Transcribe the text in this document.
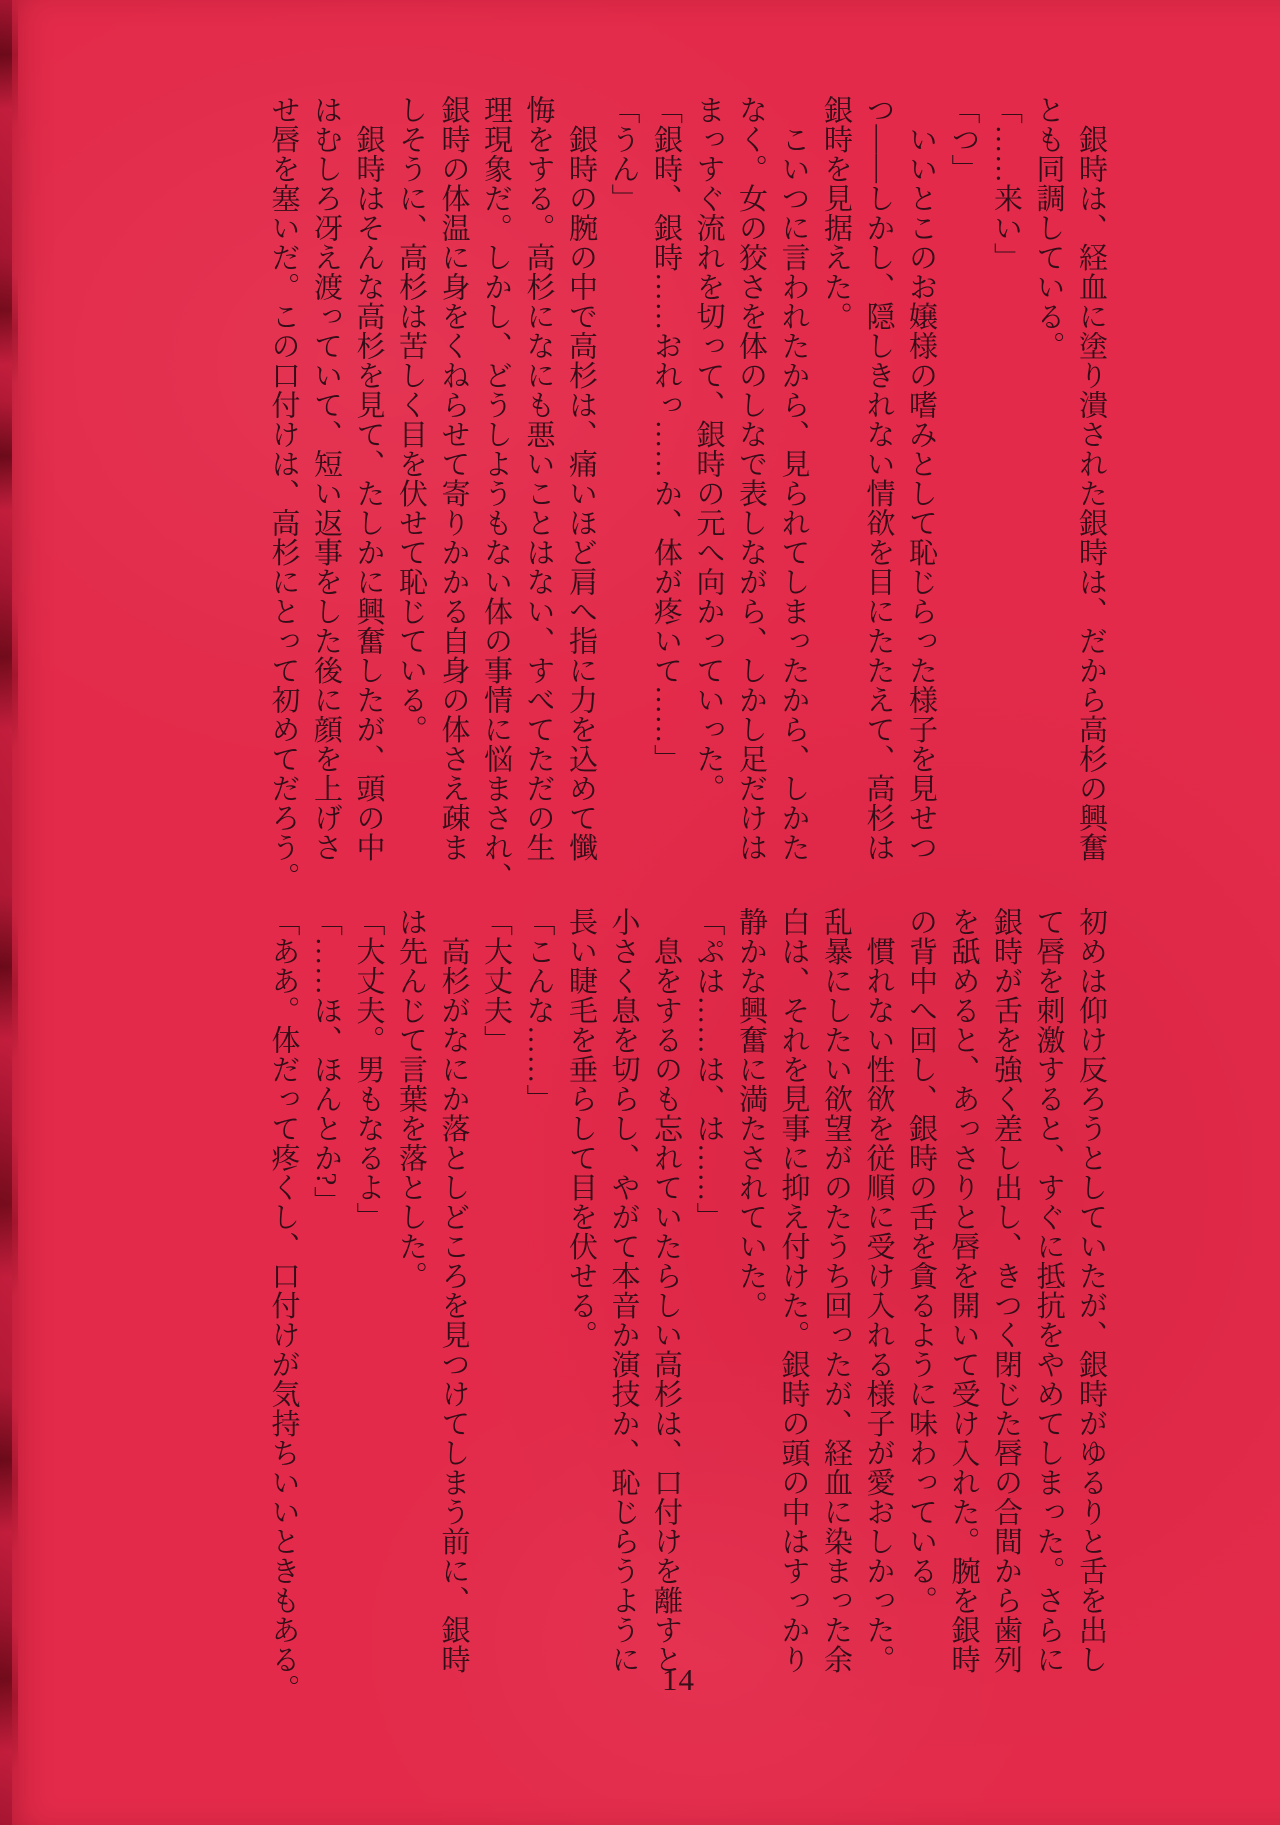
　銀時は、経血に塗り潰された銀時は、だから高杉の興奮

とも同調している。

「……来い」

「つ」

　いいとこのお嬢様の嗜みとして恥じらった様子を見せつ

つ——しかし、隠しきれない情欲を目にたたえて、高杉は

銀時を見据えた。

　こいつに言われたから、見られてしまったから、しかた

なく。女の狡さを体のしなで表しながら、しかし足だけは

まっすぐ流れを切って、銀時の元へ向かっていった。

「銀時、銀時……おれっ……か、体が疼いて……」

「うん」

　銀時の腕の中で高杉は、痛いほど肩へ指に力を込めて懺

悔をする。高杉になにも悪いことはない、すべてただの生

理現象だ。しかし、どうしようもない体の事情に悩まされ、

銀時の体温に身をくねらせて寄りかかる自身の体さえ疎ま

しそうに、高杉は苦しく目を伏せて恥じている。

　銀時はそんな高杉を見て、たしかに興奮したが、頭の中

はむしろ冴え渡っていて、短い返事をした後に顔を上げさ

せ唇を塞いだ。この口付けは、高杉にとって初めてだろう。

初めは仰け反ろうとしていたが、銀時がゆるりと舌を出し

て唇を刺激すると、すぐに抵抗をやめてしまった。さらに

銀時が舌を強く差し出し、きつく閉じた唇の合間から歯列

を舐めると、あっさりと唇を開いて受け入れた。腕を銀時

の背中へ回し、銀時の舌を貪るように味わっている。

　慣れない性欲を従順に受け入れる様子が愛おしかった。

乱暴にしたい欲望がのたうち回ったが、経血に染まった余

白は、それを見事に抑え付けた。銀時の頭の中はすっかり

静かな興奮に満たされていた。

「ぷは……は、は……」

　息をするのも忘れていたらしい高杉は、口付けを離すと

小さく息を切らし、やがて本音か演技か、恥じらうように

長い睫毛を垂らして目を伏せる。

「こんな……」

「大丈夫」

　高杉がなにか落としどころを見つけてしまう前に、銀時

は先んじて言葉を落とした。

「大丈夫。男もなるよ」

「……ほ、ほんとか?」

「ああ。体だって疼くし、口付けが気持ちいいときもある。	14
